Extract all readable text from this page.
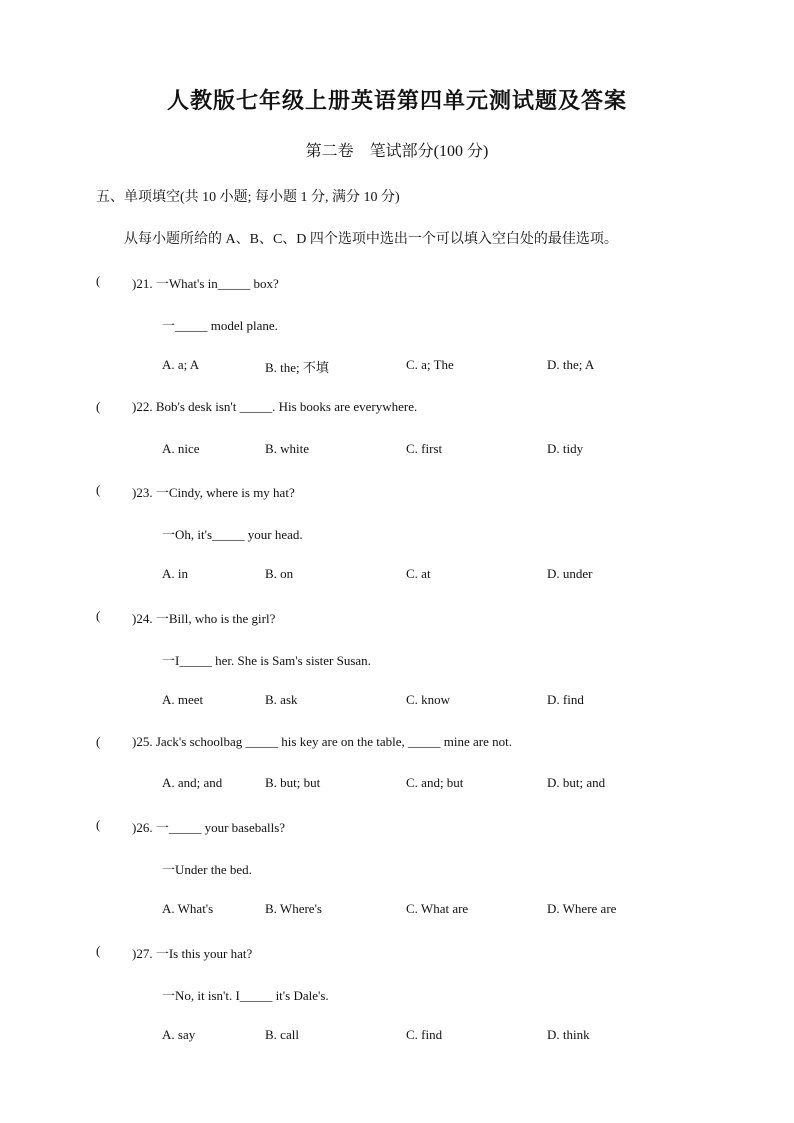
人教版七年级上册英语第四单元测试题及答案
第二卷　笔试部分(100 分)
五、单项填空(共 10 小题; 每小题 1 分, 满分 10 分)
从每小题所给的 A、B、C、D 四个选项中选出一个可以填入空白处的最佳选项。
( )21. 一What's in_____ box?
一_____ model plane.
A. a; A	B. the; 不填	C. a; The	D. the; A
( )22. Bob's desk isn't _____. His books are everywhere.
A. nice	B. white	C. first	D. tidy
( )23. 一Cindy, where is my hat?
一Oh, it's_____ your head.
A. in	B. on	C. at	D. under
( )24. 一Bill, who is the girl?
一I_____ her. She is Sam's sister Susan.
A. meet	B. ask	C. know	D. find
( )25. Jack's schoolbag _____ his key are on the table, _____ mine are not.
A. and; and	B. but; but	C. and; but	D. but; and
( )26. 一_____ your baseballs?
一Under the bed.
A. What's	B. Where's	C. What are	D. Where are
( )27. 一Is this your hat?
一No, it isn't. I_____ it's Dale's.
A. say	B. call	C. find	D. think
